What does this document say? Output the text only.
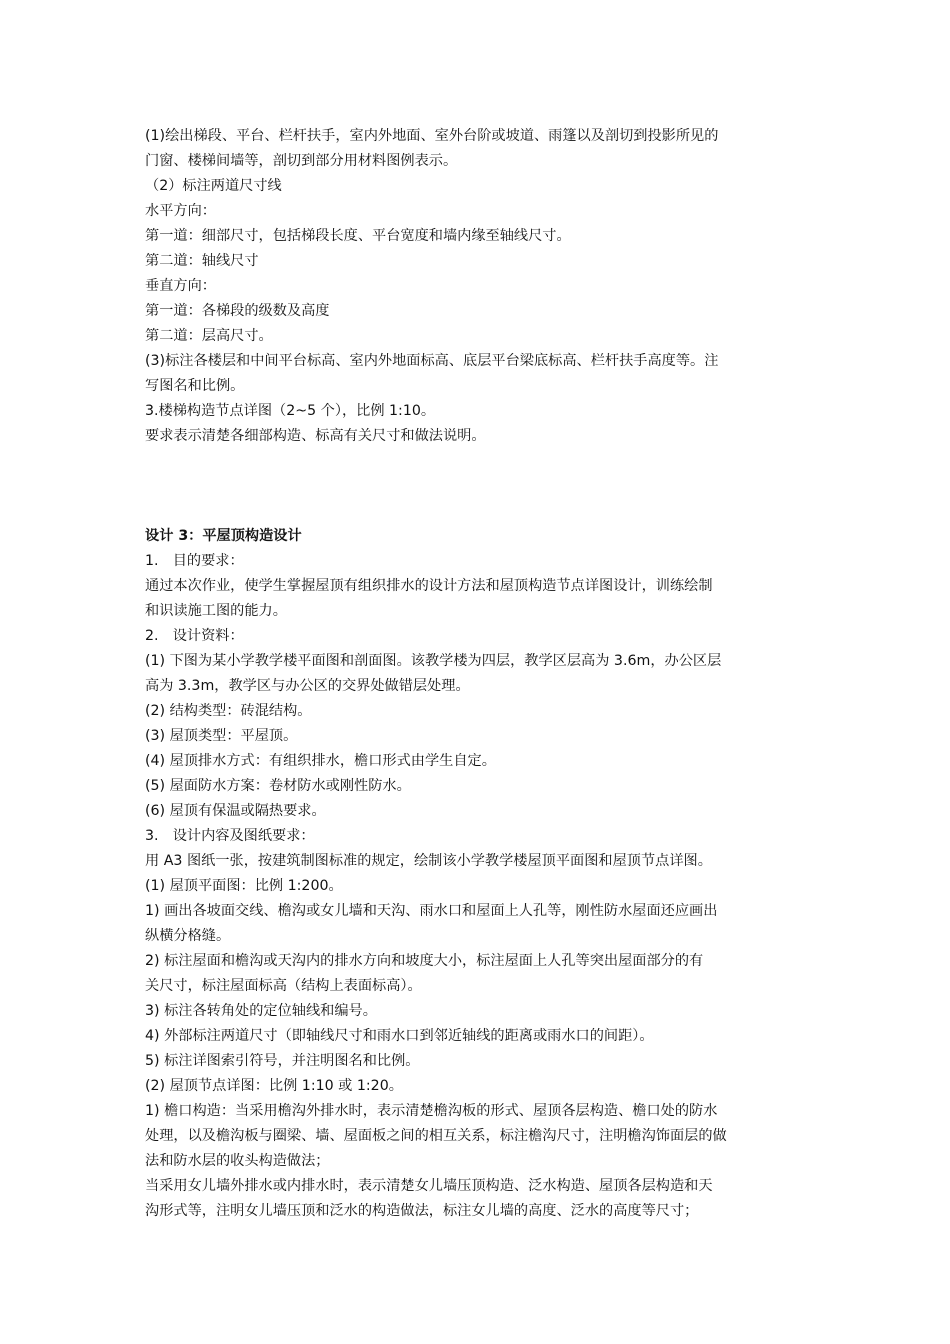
(1)绘出梯段、平台、栏杆扶手，室内外地面、室外台阶或坡道、雨篷以及剖切到投影所见的
门窗、楼梯间墙等，剖切到部分用材料图例表示。
（2）标注两道尺寸线
水平方向：
第一道：细部尺寸，包括梯段长度、平台宽度和墙内缘至轴线尺寸。
第二道：轴线尺寸
垂直方向：
第一道：各梯段的级数及高度
第二道：层高尺寸。
(3)标注各楼层和中间平台标高、室内外地面标高、底层平台梁底标高、栏杆扶手高度等。注
写图名和比例。
3.楼梯构造节点详图（2~5 个），比例 1:10。
要求表示清楚各细部构造、标高有关尺寸和做法说明。
设计 3：平屋顶构造设计
1.　目的要求：
通过本次作业，使学生掌握屋顶有组织排水的设计方法和屋顶构造节点详图设计，训练绘制
和识读施工图的能力。
2.　设计资料：
(1) 下图为某小学教学楼平面图和剖面图。该教学楼为四层，教学区层高为 3.6m，办公区层
高为 3.3m，教学区与办公区的交界处做错层处理。
(2) 结构类型：砖混结构。
(3) 屋顶类型：平屋顶。
(4) 屋顶排水方式：有组织排水，檐口形式由学生自定。
(5) 屋面防水方案：卷材防水或刚性防水。
(6) 屋顶有保温或隔热要求。
3.　设计内容及图纸要求：
用 A3 图纸一张，按建筑制图标准的规定，绘制该小学教学楼屋顶平面图和屋顶节点详图。
(1) 屋顶平面图：比例 1:200。
1) 画出各坡面交线、檐沟或女儿墙和天沟、雨水口和屋面上人孔等，刚性防水屋面还应画出
纵横分格缝。
2) 标注屋面和檐沟或天沟内的排水方向和坡度大小，标注屋面上人孔等突出屋面部分的有
关尺寸，标注屋面标高（结构上表面标高）。
3) 标注各转角处的定位轴线和编号。
4) 外部标注两道尺寸（即轴线尺寸和雨水口到邻近轴线的距离或雨水口的间距）。
5) 标注详图索引符号，并注明图名和比例。
(2) 屋顶节点详图：比例 1:10 或 1:20。
1) 檐口构造：当采用檐沟外排水时，表示清楚檐沟板的形式、屋顶各层构造、檐口处的防水
处理，以及檐沟板与圈梁、墙、屋面板之间的相互关系，标注檐沟尺寸，注明檐沟饰面层的做
法和防水层的收头构造做法；
当采用女儿墙外排水或内排水时，表示清楚女儿墙压顶构造、泛水构造、屋顶各层构造和天
沟形式等，注明女儿墙压顶和泛水的构造做法，标注女儿墙的高度、泛水的高度等尺寸；
